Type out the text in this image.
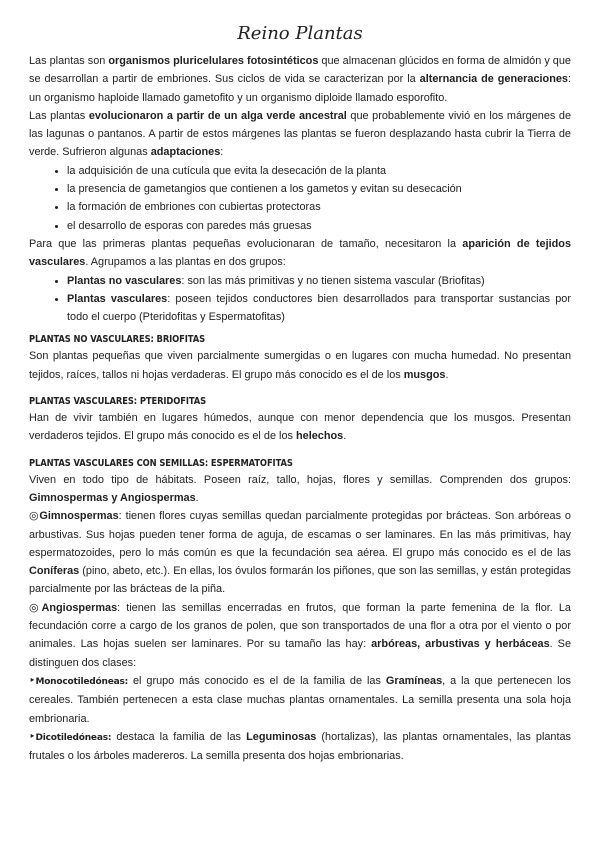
Reino Plantas

Las plantas son organismos pluricelulares fotosintéticos que almacenan glúcidos en forma de almidón y que se desarrollan a partir de embriones. Sus ciclos de vida se caracterizan por la alternancia de generaciones: un organismo haploide llamado gametofito y un organismo diploide llamado esporofito.

Las plantas evolucionaron a partir de un alga verde ancestral que probablemente vivió en los márgenes de las lagunas o pantanos. A partir de estos márgenes las plantas se fueron desplazando hasta cubrir la Tierra de verde. Sufrieron algunas adaptaciones:

• la adquisición de una cutícula que evita la desecación de la planta
• la presencia de gametangios que contienen a los gametos y evitan su desecación
• la formación de embriones con cubiertas protectoras
• el desarrollo de esporas con paredes más gruesas

Para que las primeras plantas pequeñas evolucionaran de tamaño, necesitaron la aparición de tejidos vasculares. Agrupamos a las plantas en dos grupos:

• Plantas no vasculares: son las más primitivas y no tienen sistema vascular (Briofitas)
• Plantas vasculares: poseen tejidos conductores bien desarrollados para transportar sustancias por todo el cuerpo (Pteridofitas y Espermatofitas)
PLANTAS NO VASCULARES: BRIOFITAS

Son plantas pequeñas que viven parcialmente sumergidas o en lugares con mucha humedad. No presentan tejidos, raíces, tallos ni hojas verdaderas. El grupo más conocido es el de los musgos.

PLANTAS VASCULARES: PTERIDOFITAS

Han de vivir también en lugares húmedos, aunque con menor dependencia que los musgos. Presentan verdaderos tejidos. El grupo más conocido es el de los helechos.

PLANTAS VASCULARES CON SEMILLAS: ESPERMATOFITAS

Viven en todo tipo de hábitats. Poseen raíz, tallo, hojas, flores y semillas. Comprenden dos grupos: Gimnospermas y Angiospermas.

◎Gimnospermas: tienen flores cuyas semillas quedan parcialmente protegidas por brácteas. Son arbóreas o arbustivas. Sus hojas pueden tener forma de aguja, de escamas o ser laminares. En las más primitivas, hay espermatozoides, pero lo más común es que la fecundación sea aérea. El grupo más conocido es el de las Coníferas (pino, abeto, etc.). En ellas, los óvulos formarán los piñones, que son las semillas, y están protegidas parcialmente por las brácteas de la piña.

◎Angiospermas: tienen las semillas encerradas en frutos, que forman la parte femenina de la flor. La fecundación corre a cargo de los granos de polen, que son transportados de una flor a otra por el viento o por animales. Las hojas suelen ser laminares. Por su tamaño las hay: arbóreas, arbustivas y herbáceas. Se distinguen dos clases:

‣Monocotiledóneas: el grupo más conocido es el de la familia de las Gramíneas, a la que pertenecen los cereales. También pertenecen a esta clase muchas plantas ornamentales. La semilla presenta una sola hoja embrionaria.

‣Dicotiledóneas: destaca la familia de las Leguminosas (hortalizas), las plantas ornamentales, las plantas frutales o los árboles madereros. La semilla presenta dos hojas embrionarias.
